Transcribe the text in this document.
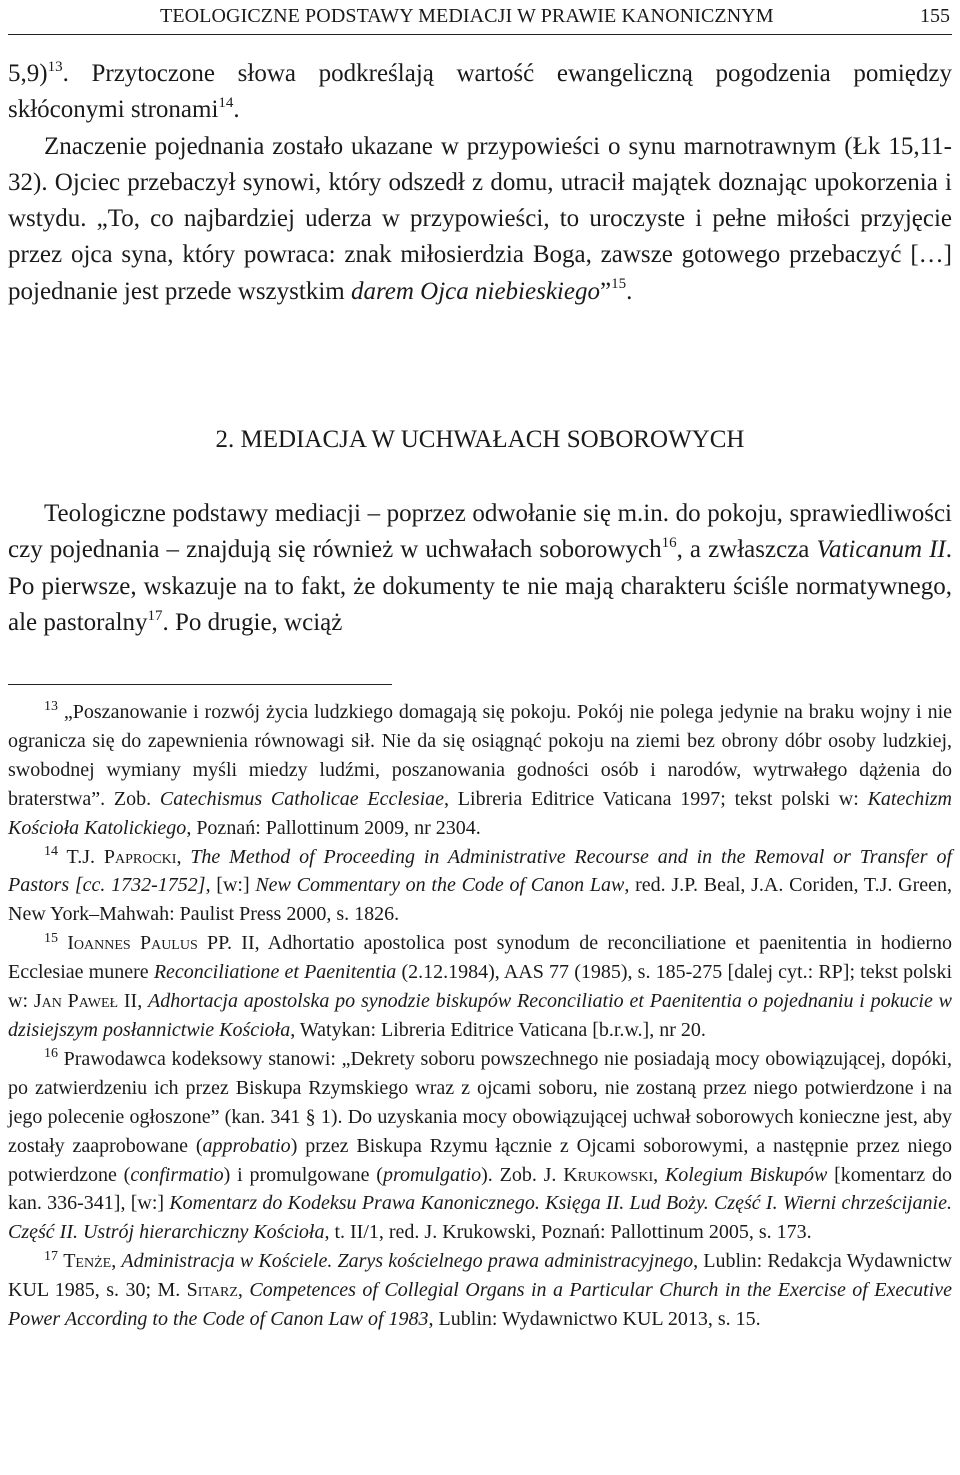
TEOLOGICZNE PODSTAWY MEDIACJI W PRAWIE KANONICZNYM	155

5,9)$^{13}$. Przytoczone słowa podkreślają wartość ewangeliczną pogodzenia pomiędzy skłóconymi stronami$^{14}$.

Znaczenie pojednania zostało ukazane w przypowieści o synu marnotrawnym (Łk 15,11-32). Ojciec przebaczył synowi, który odszedł z domu, utracił majątek doznając upokorzenia i wstydu. „To, co najbardziej uderza w przypowieści, to uroczyste i pełne miłości przyjęcie przez ojca syna, który powraca: znak miłosierdzia Boga, zawsze gotowego przebaczyć […] pojednanie jest przede wszystkim darem Ojca niebieskiego”$^{15}$.

2. MEDIACJA W UCHWAŁACH SOBOROWYCH

Teologiczne podstawy mediacji – poprzez odwołanie się m.in. do pokoju, sprawiedliwości czy pojednania – znajdują się również w uchwałach soborowych$^{16}$, a zwłaszcza Vaticanum II. Po pierwsze, wskazuje na to fakt, że dokumenty te nie mają charakteru ściśle normatywnego, ale pastoralny$^{17}$. Po drugie, wciąż

$^{13}$ „Poszanowanie i rozwój życia ludzkiego domagają się pokoju. Pokój nie polega jedynie na braku wojny i nie ogranicza się do zapewnienia równowagi sił. Nie da się osiągnąć pokoju na ziemi bez obrony dóbr osoby ludzkiej, swobodnej wymiany myśli miedzy ludźmi, poszanowania godności osób i narodów, wytrwałego dążenia do braterstwa”. Zob. Catechismus Catholicae Ecclesiae, Libreria Editrice Vaticana 1997; tekst polski w: Katechizm Kościoła Katolickiego, Poznań: Pallottinum 2009, nr 2304.

$^{14}$ T.J. Paprocki, The Method of Proceeding in Administrative Recourse and in the Removal or Transfer of Pastors [cc. 1732-1752], [w:] New Commentary on the Code of Canon Law, red. J.P. Beal, J.A. Coriden, T.J. Green, New York–Mahwah: Paulist Press 2000, s. 1826.

$^{15}$ Ioannes Paulus PP. II, Adhortatio apostolica post synodum de reconciliatione et paenitentia in hodierno Ecclesiae munere Reconciliatione et Paenitentia (2.12.1984), AAS 77 (1985), s. 185-275 [dalej cyt.: RP]; tekst polski w: Jan Paweł II, Adhortacja apostolska po synodzie biskupów Reconciliatio et Paenitentia o pojednaniu i pokucie w dzisiejszym posłannictwie Kościoła, Watykan: Libreria Editrice Vaticana [b.r.w.], nr 20.

$^{16}$ Prawodawca kodeksowy stanowi: „Dekrety soboru powszechnego nie posiadają mocy obowiązującej, dopóki, po zatwierdzeniu ich przez Biskupa Rzymskiego wraz z ojcami soboru, nie zostaną przez niego potwierdzone i na jego polecenie ogłoszone” (kan. 341 § 1). Do uzyskania mocy obowiązującej uchwał soborowych konieczne jest, aby zostały zaaprobowane (approbatio) przez Biskupa Rzymu łącznie z Ojcami soborowymi, a następnie przez niego potwierdzone (confirmatio) i promulgowane (promulgatio). Zob. J. Krukowski, Kolegium Biskupów [komentarz do kan. 336-341], [w:] Komentarz do Kodeksu Prawa Kanonicznego. Księga II. Lud Boży. Część I. Wierni chrześcijanie. Część II. Ustrój hierarchiczny Kościoła, t. II/1, red. J. Krukowski, Poznań: Pallottinum 2005, s. 173.

$^{17}$ Tenże, Administracja w Kościele. Zarys kościelnego prawa administracyjnego, Lublin: Redakcja Wydawnictw KUL 1985, s. 30; M. Sitarz, Competences of Collegial Organs in a Particular Church in the Exercise of Executive Power According to the Code of Canon Law of 1983, Lublin: Wydawnictwo KUL 2013, s. 15.
